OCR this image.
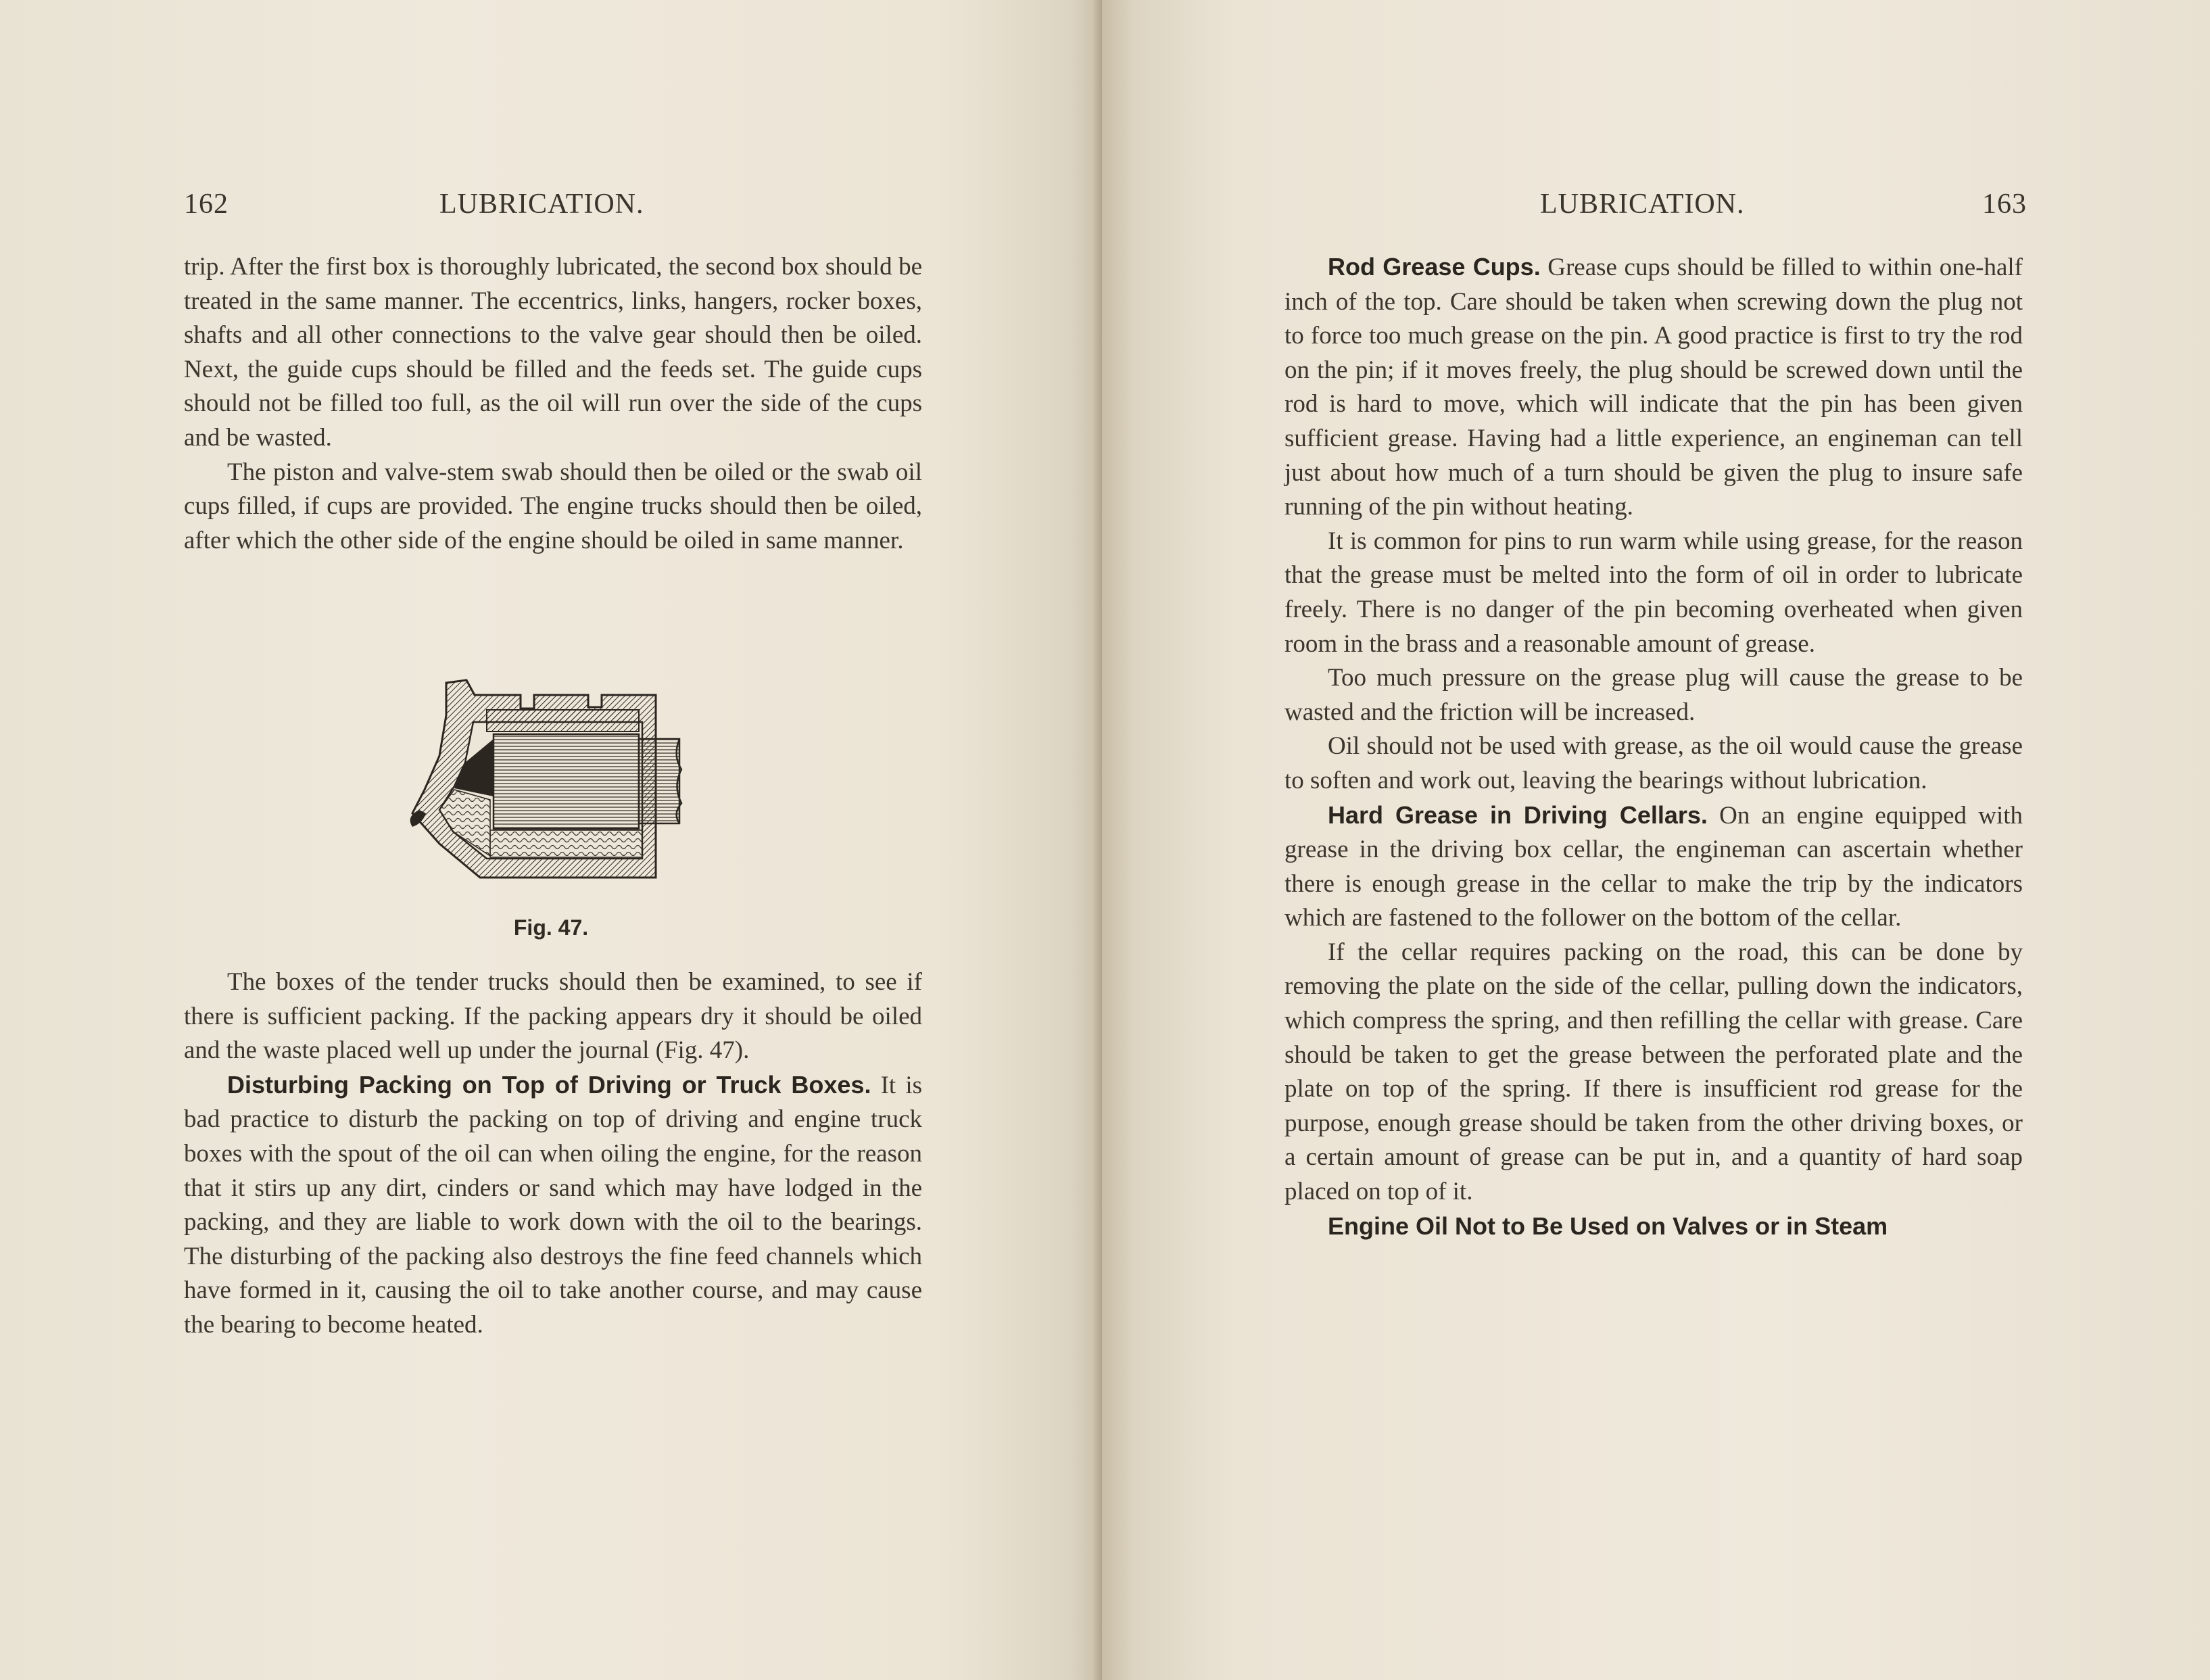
162	LUBRICATION.

trip. After the first box is thoroughly lubricated, the second box should be treated in the same manner. The eccentrics, links, hangers, rocker boxes, shafts and all other connections to the valve gear should then be oiled. Next, the guide cups should be filled and the feeds set. The guide cups should not be filled too full, as the oil will run over the side of the cups and be wasted.

The piston and valve-stem swab should then be oiled or the swab oil cups filled, if cups are provided. The engine trucks should then be oiled, after which the other side of the engine should be oiled in same manner.

Fig. 47.

The boxes of the tender trucks should then be examined, to see if there is sufficient packing. If the packing appears dry it should be oiled and the waste placed well up under the journal (Fig. 47).

Disturbing Packing on Top of Driving or Truck Boxes. It is bad practice to disturb the packing on top of driving and engine truck boxes with the spout of the oil can when oiling the engine, for the reason that it stirs up any dirt, cinders or sand which may have lodged in the packing, and they are liable to work down with the oil to the bearings. The disturbing of the packing also destroys the fine feed channels which have formed in it, causing the oil to take another course, and may cause the bearing to become heated.

LUBRICATION.	163

Rod Grease Cups. Grease cups should be filled to within one-half inch of the top. Care should be taken when screwing down the plug not to force too much grease on the pin. A good practice is first to try the rod on the pin; if it moves freely, the plug should be screwed down until the rod is hard to move, which will indicate that the pin has been given sufficient grease. Having had a little experience, an engineman can tell just about how much of a turn should be given the plug to insure safe running of the pin without heating.

It is common for pins to run warm while using grease, for the reason that the grease must be melted into the form of oil in order to lubricate freely. There is no danger of the pin becoming overheated when given room in the brass and a reasonable amount of grease.

Too much pressure on the grease plug will cause the grease to be wasted and the friction will be increased.

Oil should not be used with grease, as the oil would cause the grease to soften and work out, leaving the bearings without lubrication.

Hard Grease in Driving Cellars. On an engine equipped with grease in the driving box cellar, the engineman can ascertain whether there is enough grease in the cellar to make the trip by the indicators which are fastened to the follower on the bottom of the cellar.

If the cellar requires packing on the road, this can be done by removing the plate on the side of the cellar, pulling down the indicators, which compress the spring, and then refilling the cellar with grease. Care should be taken to get the grease between the perforated plate and the plate on top of the spring. If there is insufficient rod grease for the purpose, enough grease should be taken from the other driving boxes, or a certain amount of grease can be put in, and a quantity of hard soap placed on top of it.

Engine Oil Not to Be Used on Valves or in Steam
